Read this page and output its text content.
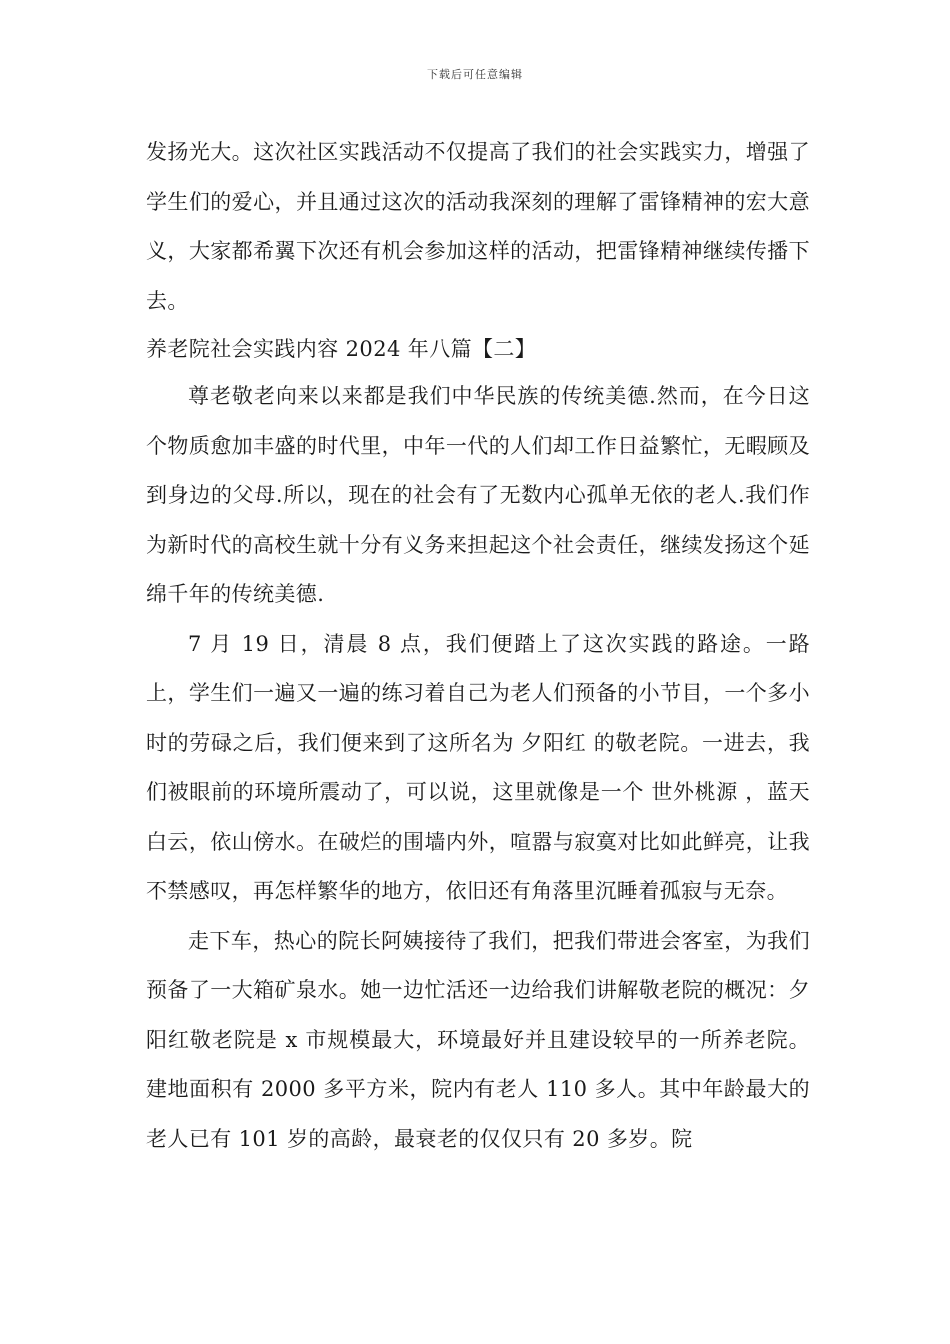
下载后可任意编辑

发扬光大。这次社区实践活动不仅提高了我们的社会实践实力，增强了学生们的爱心，并且通过这次的活动我深刻的理解了雷锋精神的宏大意义，大家都希翼下次还有机会参加这样的活动，把雷锋精神继续传播下去。

养老院社会实践内容 2024 年八篇【二】

尊老敬老向来以来都是我们中华民族的传统美德.然而，在今日这个物质愈加丰盛的时代里，中年一代的人们却工作日益繁忙，无暇顾及到身边的父母.所以，现在的社会有了无数内心孤单无依的老人.我们作为新时代的高校生就十分有义务来担起这个社会责任，继续发扬这个延绵千年的传统美德.

7 月 19 日，清晨 8 点，我们便踏上了这次实践的路途。一路上，学生们一遍又一遍的练习着自己为老人们预备的小节目，一个多小时的劳碌之后，我们便来到了这所名为 夕阳红 的敬老院。一进去，我们被眼前的环境所震动了，可以说，这里就像是一个 世外桃源 ，蓝天白云，依山傍水。在破烂的围墙内外，喧嚣与寂寞对比如此鲜亮，让我不禁感叹，再怎样繁华的地方，依旧还有角落里沉睡着孤寂与无奈。

走下车，热心的院长阿姨接待了我们，把我们带进会客室，为我们预备了一大箱矿泉水。她一边忙活还一边给我们讲解敬老院的概况：夕阳红敬老院是 x 市规模最大，环境最好并且建设较早的一所养老院。建地面积有 2000 多平方米，院内有老人 110 多人。其中年龄最大的老人已有 101 岁的高龄，最衰老的仅仅只有 20 多岁。院
